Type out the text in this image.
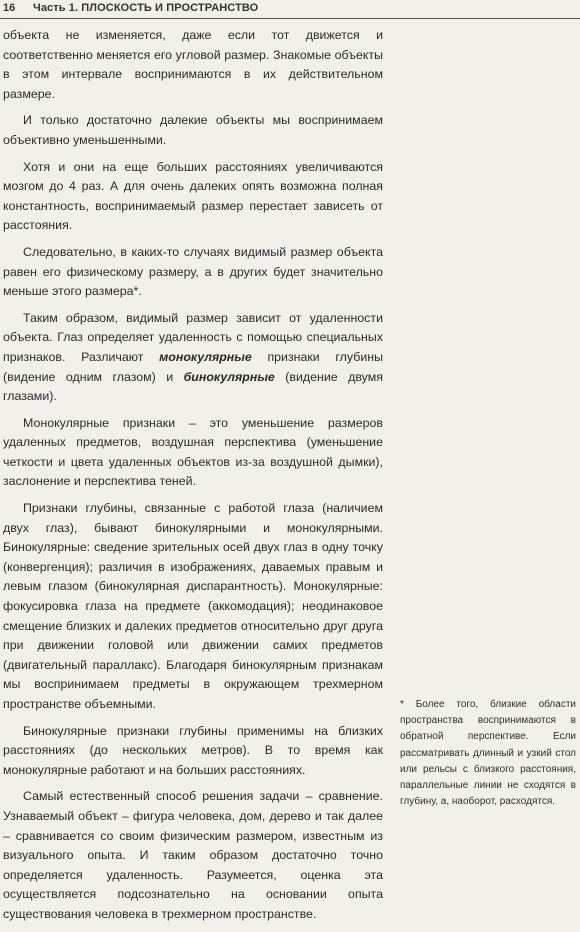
16 Часть 1. ПЛОСКОСТЬ И ПРОСТРАНСТВО

объекта не изменяется, даже если тот движется и соответственно меняется его угловой размер. Знакомые объекты в этом интервале воспринимаются в их действительном размере.

И только достаточно далекие объекты мы воспринимаем объективно уменьшенными.

Хотя и они на еще больших расстояниях увеличиваются мозгом до 4 раз. А для очень далеких опять возможна полная константность, воспринимаемый размер перестает зависеть от расстояния.

Следовательно, в каких-то случаях видимый размер объекта равен его физическому размеру, а в других будет значительно меньше этого размера*.

Таким образом, видимый размер зависит от удаленности объекта. Глаз определяет удаленность с помощью специальных признаков. Различают монокулярные признаки глубины (видение одним глазом) и бинокулярные (видение двумя глазами).

Монокулярные признаки – это уменьшение размеров удаленных предметов, воздушная перспектива (уменьшение четкости и цвета удаленных объектов из-за воздушной дымки), заслонение и перспектива теней.

Признаки глубины, связанные с работой глаза (наличием двух глаз), бывают бинокулярными и монокулярными. Бинокулярные: сведение зрительных осей двух глаз в одну точку (конвергенция); различия в изображениях, даваемых правым и левым глазом (бинокулярная диспарантность). Монокулярные: фокусировка глаза на предмете (аккомодация); неодинаковое смещение близких и далеких предметов относительно друг друга при движении головой или движении самих предметов (двигательный параллакс). Благодаря бинокулярным признакам мы воспринимаем предметы в окружающем трехмерном пространстве объемными.

Бинокулярные признаки глубины применимы на близких расстояниях (до нескольких метров). В то время как монокулярные работают и на больших расстояниях.

Самый естественный способ решения задачи – сравнение. Узнаваемый объект – фигура человека, дом, дерево и так далее – сравнивается со своим физическим размером, известным из визуального опыта. И таким образом достаточно точно определяется удаленность. Разумеется, оценка эта осуществляется подсознательно на основании опыта существования человека в трехмерном пространстве.

* Более того, близкие области пространства воспринимаются в обратной перспективе. Если рассматривать длинный и узкий стол или рельсы с близкого расстояния, параллельные линии не сходятся в глубину, а, наоборот, расходятся.
